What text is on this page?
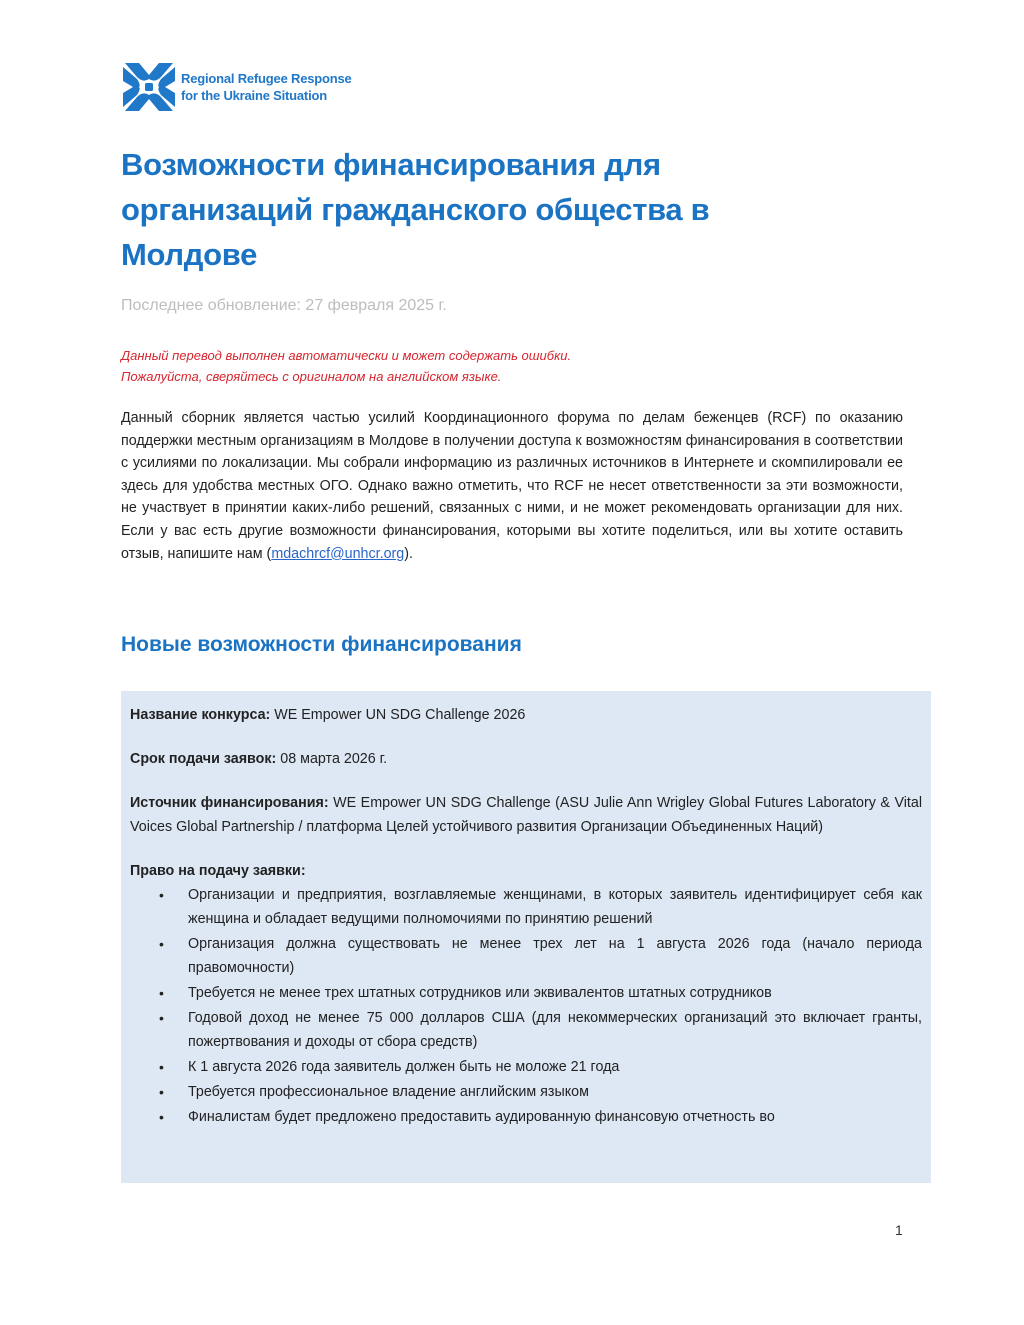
Regional Refugee Response
for the Ukraine Situation
Возможности финансирования для организаций гражданского общества в Молдове
Последнее обновление: 27 февраля 2025 г.
Данный перевод выполнен автоматически и может содержать ошибки.
Пожалуйста, сверяйтесь с оригиналом на английском языке.

Данный сборник является частью усилий Координационного форума по делам беженцев (RCF) по оказанию поддержки местным организациям в Молдове в получении доступа к возможностям финансирования в соответствии с усилиями по локализации. Мы собрали информацию из различных источников в Интернете и скомпилировали ее здесь для удобства местных ОГО. Однако важно отметить, что RCF не несет ответственности за эти возможности, не участвует в принятии каких-либо решений, связанных с ними, и не может рекомендовать организации для них. Если у вас есть другие возможности финансирования, которыми вы хотите поделиться, или вы хотите оставить отзыв, напишите нам (mdachrcf@unhcr.org).

Новые возможности финансирования

Название конкурса: WE Empower UN SDG Challenge 2026

Срок подачи заявок: 08 марта 2026 г.

Источник финансирования: WE Empower UN SDG Challenge (ASU Julie Ann Wrigley Global Futures Laboratory & Vital Voices Global Partnership / платформа Целей устойчивого развития Организации Объединенных Наций)

Право на подачу заявки:

• Организации и предприятия, возглавляемые женщинами, в которых заявитель идентифицирует себя как женщина и обладает ведущими полномочиями по принятию решений
• Организация должна существовать не менее трех лет на 1 августа 2026 года (начало периода правомочности)
• Требуется не менее трех штатных сотрудников или эквивалентов штатных сотрудников
• Годовой доход не менее 75 000 долларов США (для некоммерческих организаций это включает гранты, пожертвования и доходы от сбора средств)
• К 1 августа 2026 года заявитель должен быть не моложе 21 года
• Требуется профессиональное владение английским языком
• Финалистам будет предложено предоставить аудированную финансовую отчетность во
1
